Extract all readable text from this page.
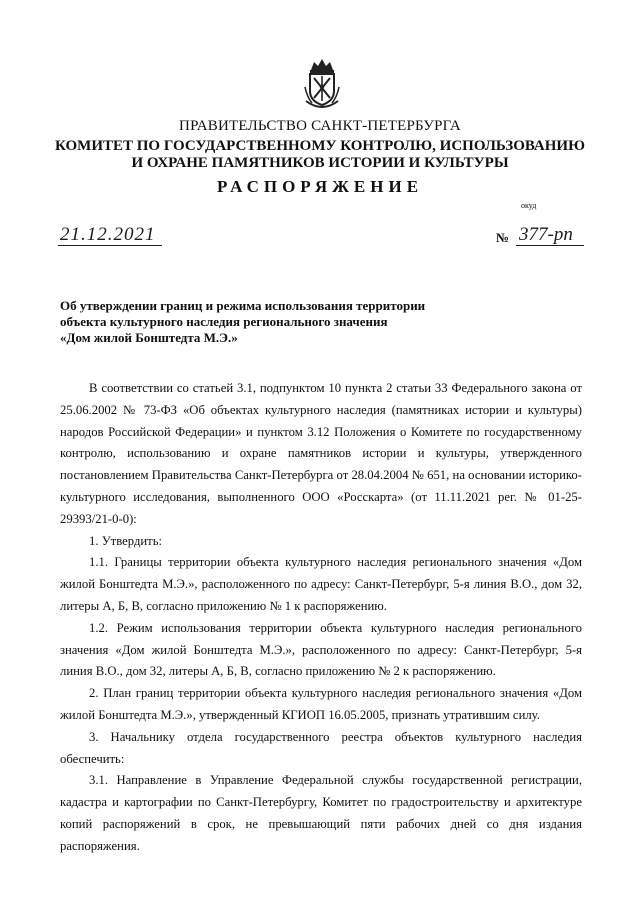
ПРАВИТЕЛЬСТВО САНКТ-ПЕТЕРБУРГА
КОМИТЕТ ПО ГОСУДАРСТВЕННОМУ КОНТРОЛЮ, ИСПОЛЬЗОВАНИЮ
И ОХРАНЕ ПАМЯТНИКОВ ИСТОРИИ И КУЛЬТУРЫ
РАСПОРЯЖЕНИЕ
окуд
21.12.2021	№ 377-рп
Об утверждении границ и режима использования территории
объекта культурного наследия регионального значения
«Дом жилой Бонштедта М.Э.»

В соответствии со статьей 3.1, подпунктом 10 пункта 2 статьи 33 Федерального закона от 25.06.2002 № 73-ФЗ «Об объектах культурного наследия (памятниках истории и культуры) народов Российской Федерации» и пунктом 3.12 Положения о Комитете по государственному контролю, использованию и охране памятников истории и культуры, утвержденного постановлением Правительства Санкт-Петербурга от 28.04.2004 № 651, на основании историко-культурного исследования, выполненного ООО «Росскарта» (от 11.11.2021 рег. № 01-25-29393/21-0-0):

1. Утвердить:

1.1. Границы территории объекта культурного наследия регионального значения «Дом жилой Бонштедта М.Э.», расположенного по адресу: Санкт-Петербург, 5-я линия В.О., дом 32, литеры А, Б, В, согласно приложению № 1 к распоряжению.

1.2. Режим использования территории объекта культурного наследия регионального значения «Дом жилой Бонштедта М.Э.», расположенного по адресу: Санкт-Петербург, 5-я линия В.О., дом 32, литеры А, Б, В, согласно приложению № 2 к распоряжению.

2. План границ территории объекта культурного наследия регионального значения «Дом жилой Бонштедта М.Э.», утвержденный КГИОП 16.05.2005, признать утратившим силу.

3. Начальнику отдела государственного реестра объектов культурного наследия обеспечить:

3.1. Направление в Управление Федеральной службы государственной регистрации, кадастра и картографии по Санкт-Петербургу, Комитет по градостроительству и архитектуре копий распоряжений в срок, не превышающий пяти рабочих дней со дня издания распоряжения.
